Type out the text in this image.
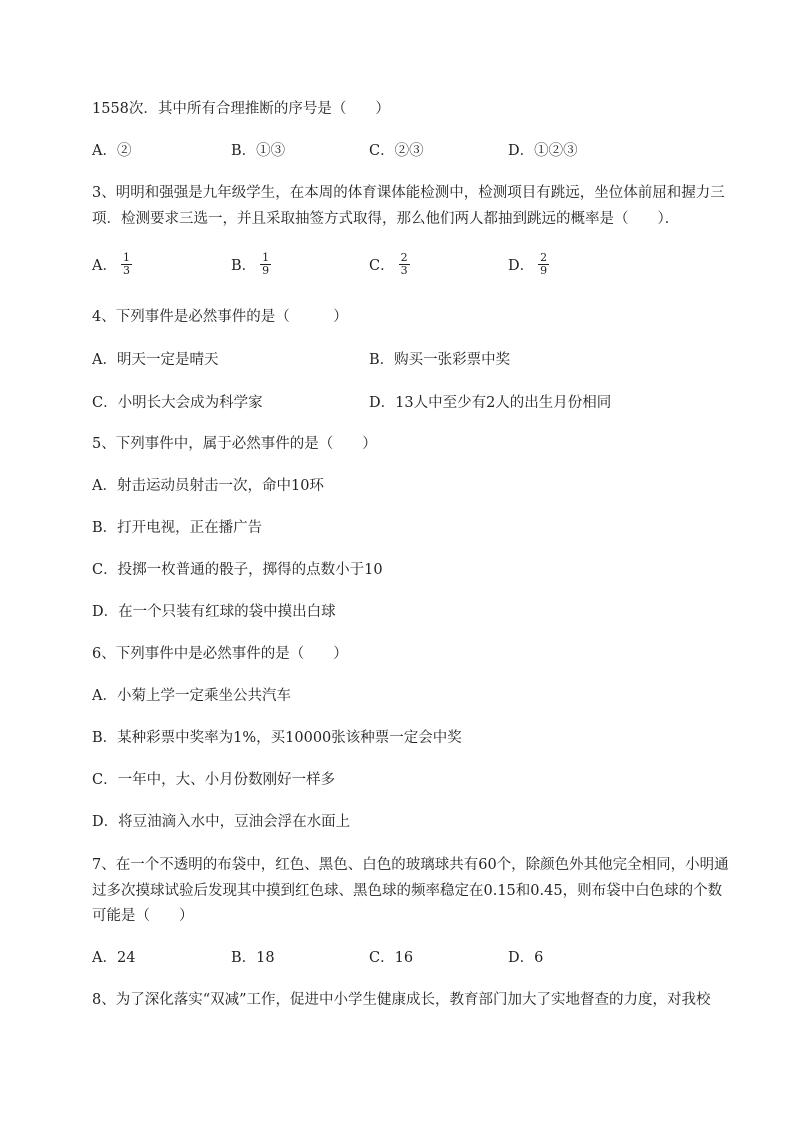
1558次．其中所有合理推断的序号是（　　）
A．②	B．①③	C．②③	D．①②③
3、明明和强强是九年级学生，在本周的体育课体能检测中，检测项目有跳远，坐位体前屈和握力三
项．检测要求三选一，并且采取抽签方式取得，那么他们两人都抽到跳远的概率是（　　）．
A． $\frac{1}{3}$	B． $\frac{1}{9}$	C． $\frac{2}{3}$	D． $\frac{2}{9}$
4、下列事件是必然事件的是（　　　）
A．明天一定是晴天	B．购买一张彩票中奖
C．小明长大会成为科学家	D．13人中至少有2人的出生月份相同
5、下列事件中，属于必然事件的是（　　）
A．射击运动员射击一次，命中10环
B．打开电视，正在播广告
C．投掷一枚普通的骰子，掷得的点数小于10
D．在一个只装有红球的袋中摸出白球
6、下列事件中是必然事件的是（　　）
A．小菊上学一定乘坐公共汽车
B．某种彩票中奖率为1%，买10000张该种票一定会中奖
C．一年中，大、小月份数刚好一样多
D．将豆油滴入水中，豆油会浮在水面上
7、在一个不透明的布袋中，红色、黑色、白色的玻璃球共有60个，除颜色外其他完全相同，小明通
过多次摸球试验后发现其中摸到红色球、黑色球的频率稳定在0.15和0.45，则布袋中白色球的个数
可能是（　　）
A．24	B．18	C．16	D．6
8、为了深化落实“双减”工作，促进中小学生健康成长，教育部门加大了实地督查的力度，对我校
